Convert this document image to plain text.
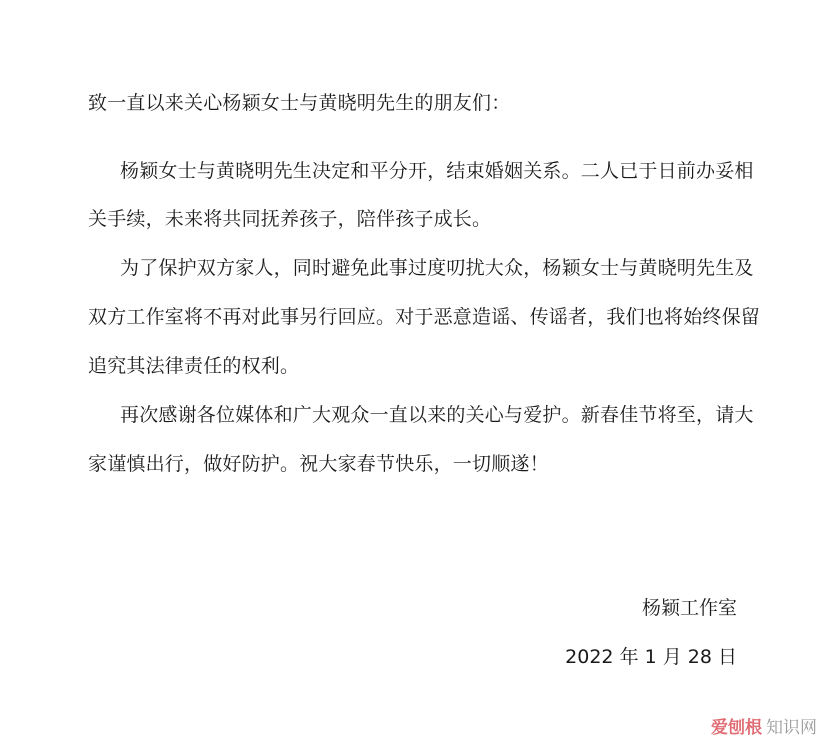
致一直以来关心杨颖女士与黄晓明先生的朋友们：
杨颖女士与黄晓明先生决定和平分开，结束婚姻关系。二人已于日前办妥相
关手续，未来将共同抚养孩子，陪伴孩子成长。
为了保护双方家人，同时避免此事过度叨扰大众，杨颖女士与黄晓明先生及
双方工作室将不再对此事另行回应。对于恶意造谣、传谣者，我们也将始终保留
追究其法律责任的权利。
再次感谢各位媒体和广大观众一直以来的关心与爱护。新春佳节将至，请大
家谨慎出行，做好防护。祝大家春节快乐，一切顺遂！
杨颖工作室
2022 年 1 月 28 日
爱刨根 知识网
